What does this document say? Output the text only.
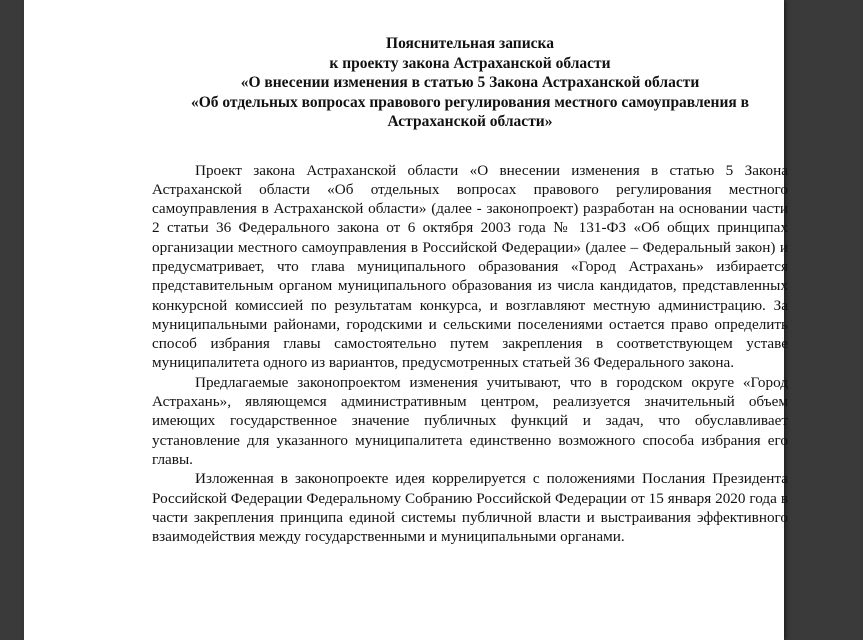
Пояснительная записка
к проекту закона Астраханской области
«О внесении изменения в статью 5 Закона Астраханской области
«Об отдельных вопросах правового регулирования местного самоуправления в
Астраханской области»

Проект закона Астраханской области «О внесении изменения в статью 5 Закона Астраханской области «Об отдельных вопросах правового регулирования местного самоуправления в Астраханской области» (далее - законопроект) разработан на основании части 2 статьи 36 Федерального закона от 6 октября 2003 года № 131-ФЗ «Об общих принципах организации местного самоуправления в Российской Федерации» (далее – Федеральный закон) и предусматривает, что глава муниципального образования «Город Астрахань» избирается представительным органом муниципального образования из числа кандидатов, представленных конкурсной комиссией по результатам конкурса, и возглавляют местную администрацию. За муниципальными районами, городскими и сельскими поселениями остается право определить способ избрания главы самостоятельно путем закрепления в соответствующем уставе муниципалитета одного из вариантов, предусмотренных статьей 36 Федерального закона.

Предлагаемые законопроектом изменения учитывают, что в городском округе «Город Астрахань», являющемся административным центром, реализуется значительный объем имеющих государственное значение публичных функций и задач, что обуславливает установление для указанного муниципалитета единственно возможного способа избрания его главы.

Изложенная в законопроекте идея коррелируется с положениями Послания Президента Российской Федерации Федеральному Собранию Российской Федерации от 15 января 2020 года в части закрепления принципа единой системы публичной власти и выстраивания эффективного взаимодействия между государственными и муниципальными органами.
